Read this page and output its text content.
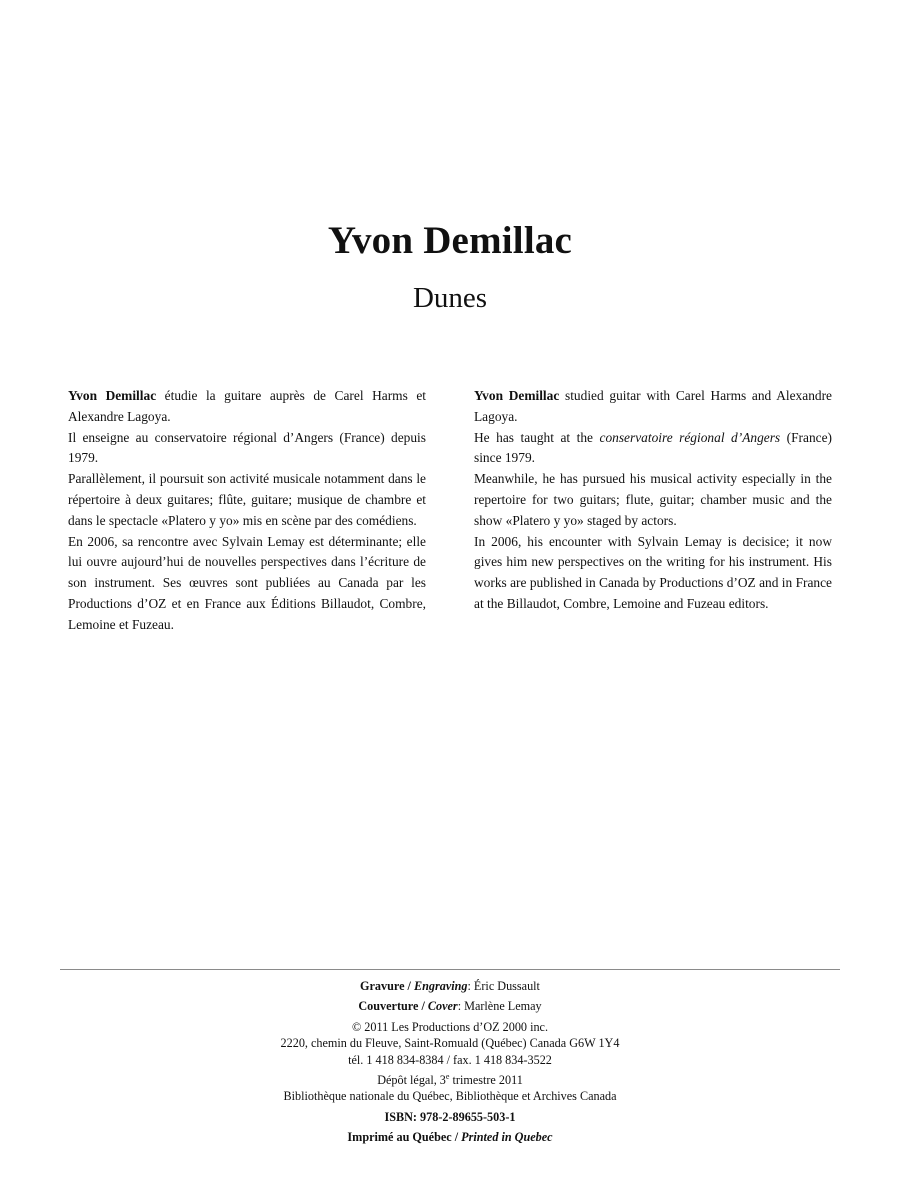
Yvon Demillac
Dunes

Yvon Demillac étudie la guitare auprès de Carel Harms et Alexandre Lagoya.

Il enseigne au conservatoire régional d’Angers (France) depuis 1979.

Parallèlement, il poursuit son activité musicale notamment dans le répertoire à deux guitares; flûte, guitare; musique de chambre et dans le spectacle «Platero y yo» mis en scène par des comédiens.

En 2006, sa rencontre avec Sylvain Lemay est déterminante; elle lui ouvre aujourd’hui de nouvelles perspectives dans l’écriture de son instrument. Ses œuvres sont publiées au Canada par les Productions d’OZ et en France aux Éditions Billaudot, Combre, Lemoine et Fuzeau.

Yvon Demillac studied guitar with Carel Harms and Alexandre Lagoya.

He has taught at the conservatoire régional d’Angers (France) since 1979.

Meanwhile, he has pursued his musical activity especially in the repertoire for two guitars; flute, guitar; chamber music and the show «Platero y yo» staged by actors.

In 2006, his encounter with Sylvain Lemay is decisice; it now gives him new perspectives on the writing for his instrument. His works are published in Canada by Productions d’OZ and in France at the Billaudot, Combre, Lemoine and Fuzeau editors.

Gravure / Engraving: Éric Dussault
Couverture / Cover: Marlène Lemay
© 2011 Les Productions d’OZ 2000 inc.
2220, chemin du Fleuve, Saint-Romuald (Québec) Canada G6W 1Y4
tél. 1 418 834-8384 / fax. 1 418 834-3522
Dépôt légal, 3e trimestre 2011
Bibliothèque nationale du Québec, Bibliothèque et Archives Canada
ISBN: 978-2-89655-503-1
Imprimé au Québec / Printed in Quebec
